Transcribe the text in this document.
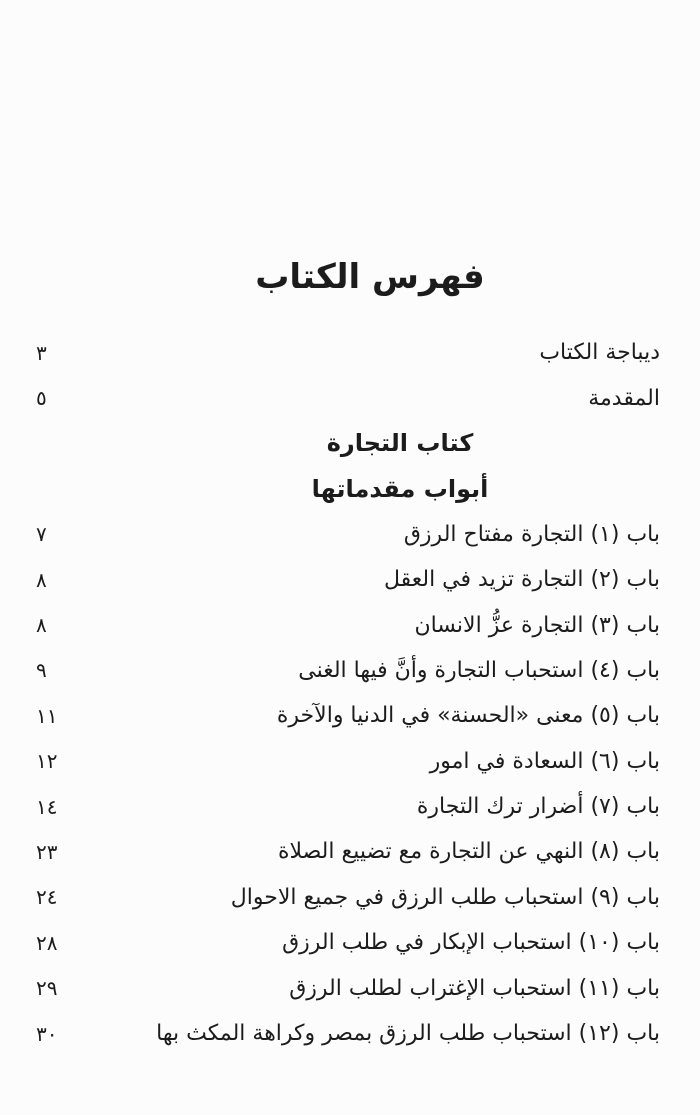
فهرس الكتاب
٣	ديباجة الكتاب
٥	المقدمة
كتاب التجارة
أبواب مقدماتها
٧	باب (١) التجارة مفتاح الرزق
٨	باب (٢) التجارة تزيد في العقل
٨	باب (٣) التجارة عزُّ الانسان
٩	باب (٤) استحباب التجارة وأنَّ فيها الغنى
١١	باب (٥) معنى «الحسنة» في الدنيا والآخرة
١٢	باب (٦) السعادة في امور
١٤	باب (٧) أضرار ترك التجارة
٢٣	باب (٨) النهي عن التجارة مع تضييع الصلاة
٢٤	باب (٩) استحباب طلب الرزق في جميع الاحوال
٢٨	باب (١٠) استحباب الإبكار في طلب الرزق
٢٩	باب (١١) استحباب الإغتراب لطلب الرزق
٣٠	باب (١٢) استحباب طلب الرزق بمصر وكراهة المكث بها
